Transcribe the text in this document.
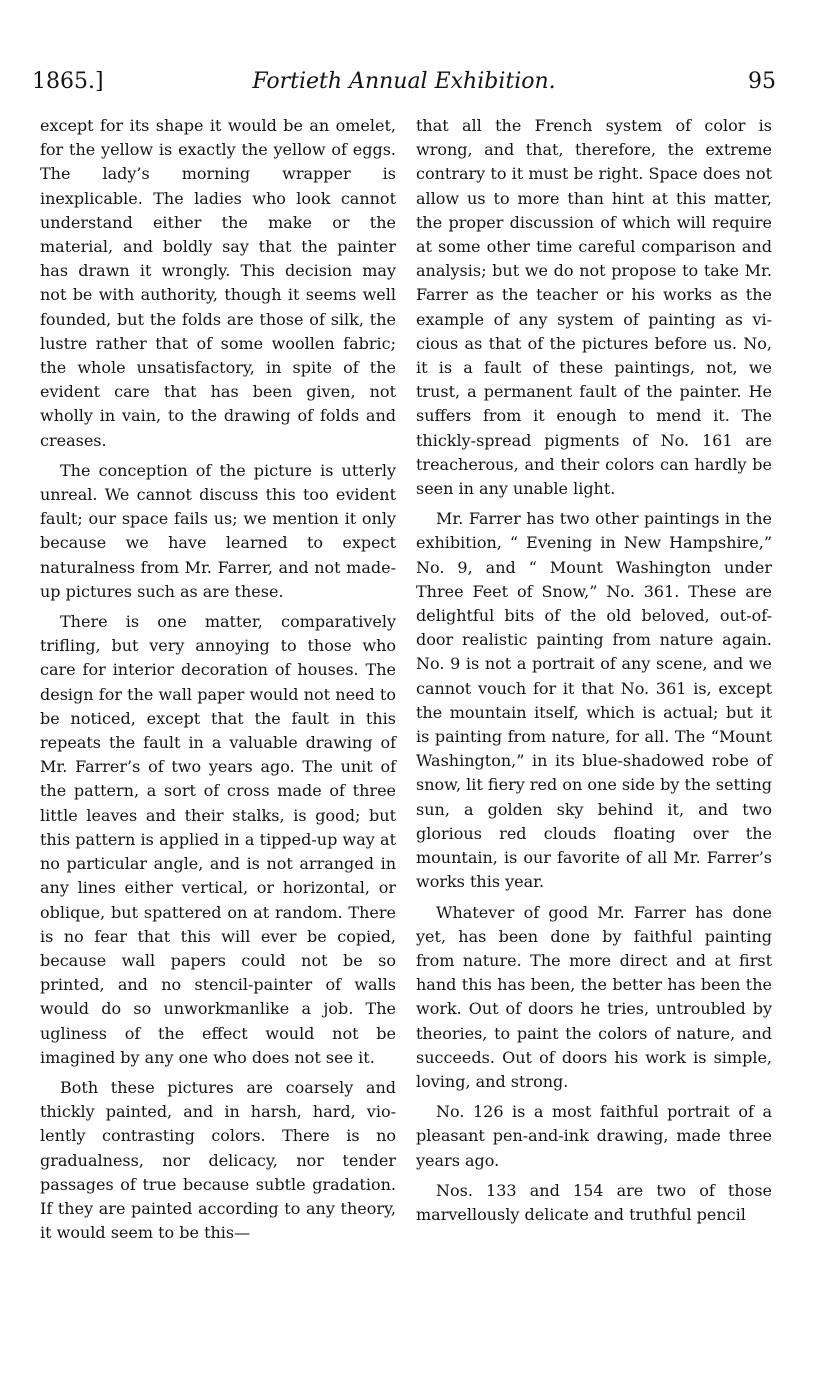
1865.]	Fortieth Annual Exhibition.	95

except for its shape it would be an omelet, for the yellow is exactly the yellow of eggs. The lady’s morning wrapper is inexplicable. The ladies who look cannot understand either the make or the material, and boldly say that the painter has drawn it wrongly. This decision may not be with authority, though it seems well founded, but the folds are those of silk, the lustre rather that of some woollen fabric; the whole unsatisfactory, in spite of the evident care that has been given, not wholly in vain, to the drawing of folds and creases.

The conception of the picture is utterly unreal. We cannot discuss this too evident fault; our space fails us; we mention it only because we have learned to expect naturalness from Mr. Farrer, and not made-up pictures such as are these.

There is one matter, comparatively trifling, but very annoying to those who care for interior decoration of houses. The design for the wall paper would not need to be noticed, except that the fault in this repeats the fault in a valuable drawing of Mr. Farrer’s of two years ago. The unit of the pattern, a sort of cross made of three little leaves and their stalks, is good; but this pattern is applied in a tipped-up way at no particular angle, and is not arranged in any lines either vertical, or horizontal, or oblique, but spattered on at random. There is no fear that this will ever be copied, because wall papers could not be so printed, and no stencil-painter of walls would do so unworkmanlike a job. The ugliness of the effect would not be imagined by any one who does not see it.

Both these pictures are coarsely and thickly painted, and in harsh, hard, violently contrasting colors. There is no gradualness, nor delicacy, nor tender passages of true because subtle gradation. If they are painted according to any theory, it would seem to be this—

that all the French system of color is wrong, and that, therefore, the extreme contrary to it must be right. Space does not allow us to more than hint at this matter, the proper discussion of which will require at some other time careful comparison and analysis; but we do not propose to take Mr. Farrer as the teacher or his works as the example of any system of painting as vicious as that of the pictures before us. No, it is a fault of these paintings, not, we trust, a permanent fault of the painter. He suffers from it enough to mend it. The thickly-spread pigments of No. 161 are treacherous, and their colors can hardly be seen in any unable light.

Mr. Farrer has two other paintings in the exhibition, “ Evening in New Hampshire,” No. 9, and “ Mount Washington under Three Feet of Snow,” No. 361. These are delightful bits of the old beloved, out-of-door realistic painting from nature again. No. 9 is not a portrait of any scene, and we cannot vouch for it that No. 361 is, except the mountain itself, which is actual; but it is painting from nature, for all. The “Mount Washington,” in its blue-shadowed robe of snow, lit fiery red on one side by the setting sun, a golden sky behind it, and two glorious red clouds floating over the mountain, is our favorite of all Mr. Farrer’s works this year.

Whatever of good Mr. Farrer has done yet, has been done by faithful painting from nature. The more direct and at first hand this has been, the better has been the work. Out of doors he tries, untroubled by theories, to paint the colors of nature, and succeeds. Out of doors his work is simple, loving, and strong.

No. 126 is a most faithful portrait of a pleasant pen-and-ink drawing, made three years ago.

Nos. 133 and 154 are two of those marvellously delicate and truthful pencil
